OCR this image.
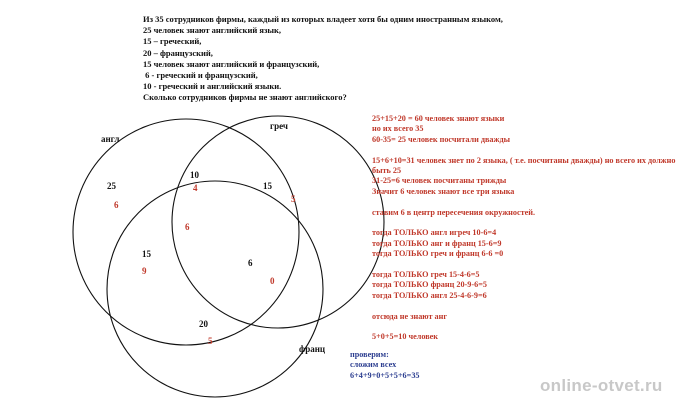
Из 35 сотрудников фирмы, каждый из которых владеет хотя бы одним иностранным языком,
25 человек знают английский язык,
15 – греческий,
20 – французский,
15 человек знают английский и французский,
6 - греческий и французский,
10 - греческий и английский языки.
Сколько сотрудников фирмы не знают английского?
англ
греч
франц
25
6
10
4	15
5
6
15
9
6
0
20
5
25+15+20 = 60 человек знают языки
но их всего 35
60-35= 25 человек посчитали дважды
15+6+10=31 человек знет по 2 языка, ( т.е. посчитаны дважды) но всего их должно
быть 25
31-25=6 человек посчитаны трижды
Значит 6 человек знают все три языка
ставим 6 в центр пересечения окружностей.
тогда ТОЛЬКО англ игреч 10-6=4
тогда ТОЛЬКО анг и франц 15-6=9
тогда ТОЛЬКО греч и франц 6-6 =0
тогда ТОЛЬКО греч 15-4-6=5
тогда ТОЛЬКО франц 20-9-6=5
тогда ТОЛЬКО англ 25-4-6-9=6
отсюда не знают анг
5+0+5=10 человек
проверим:
сложим всех
6+4+9+0+5+5+6=35
online-otvet.ru
